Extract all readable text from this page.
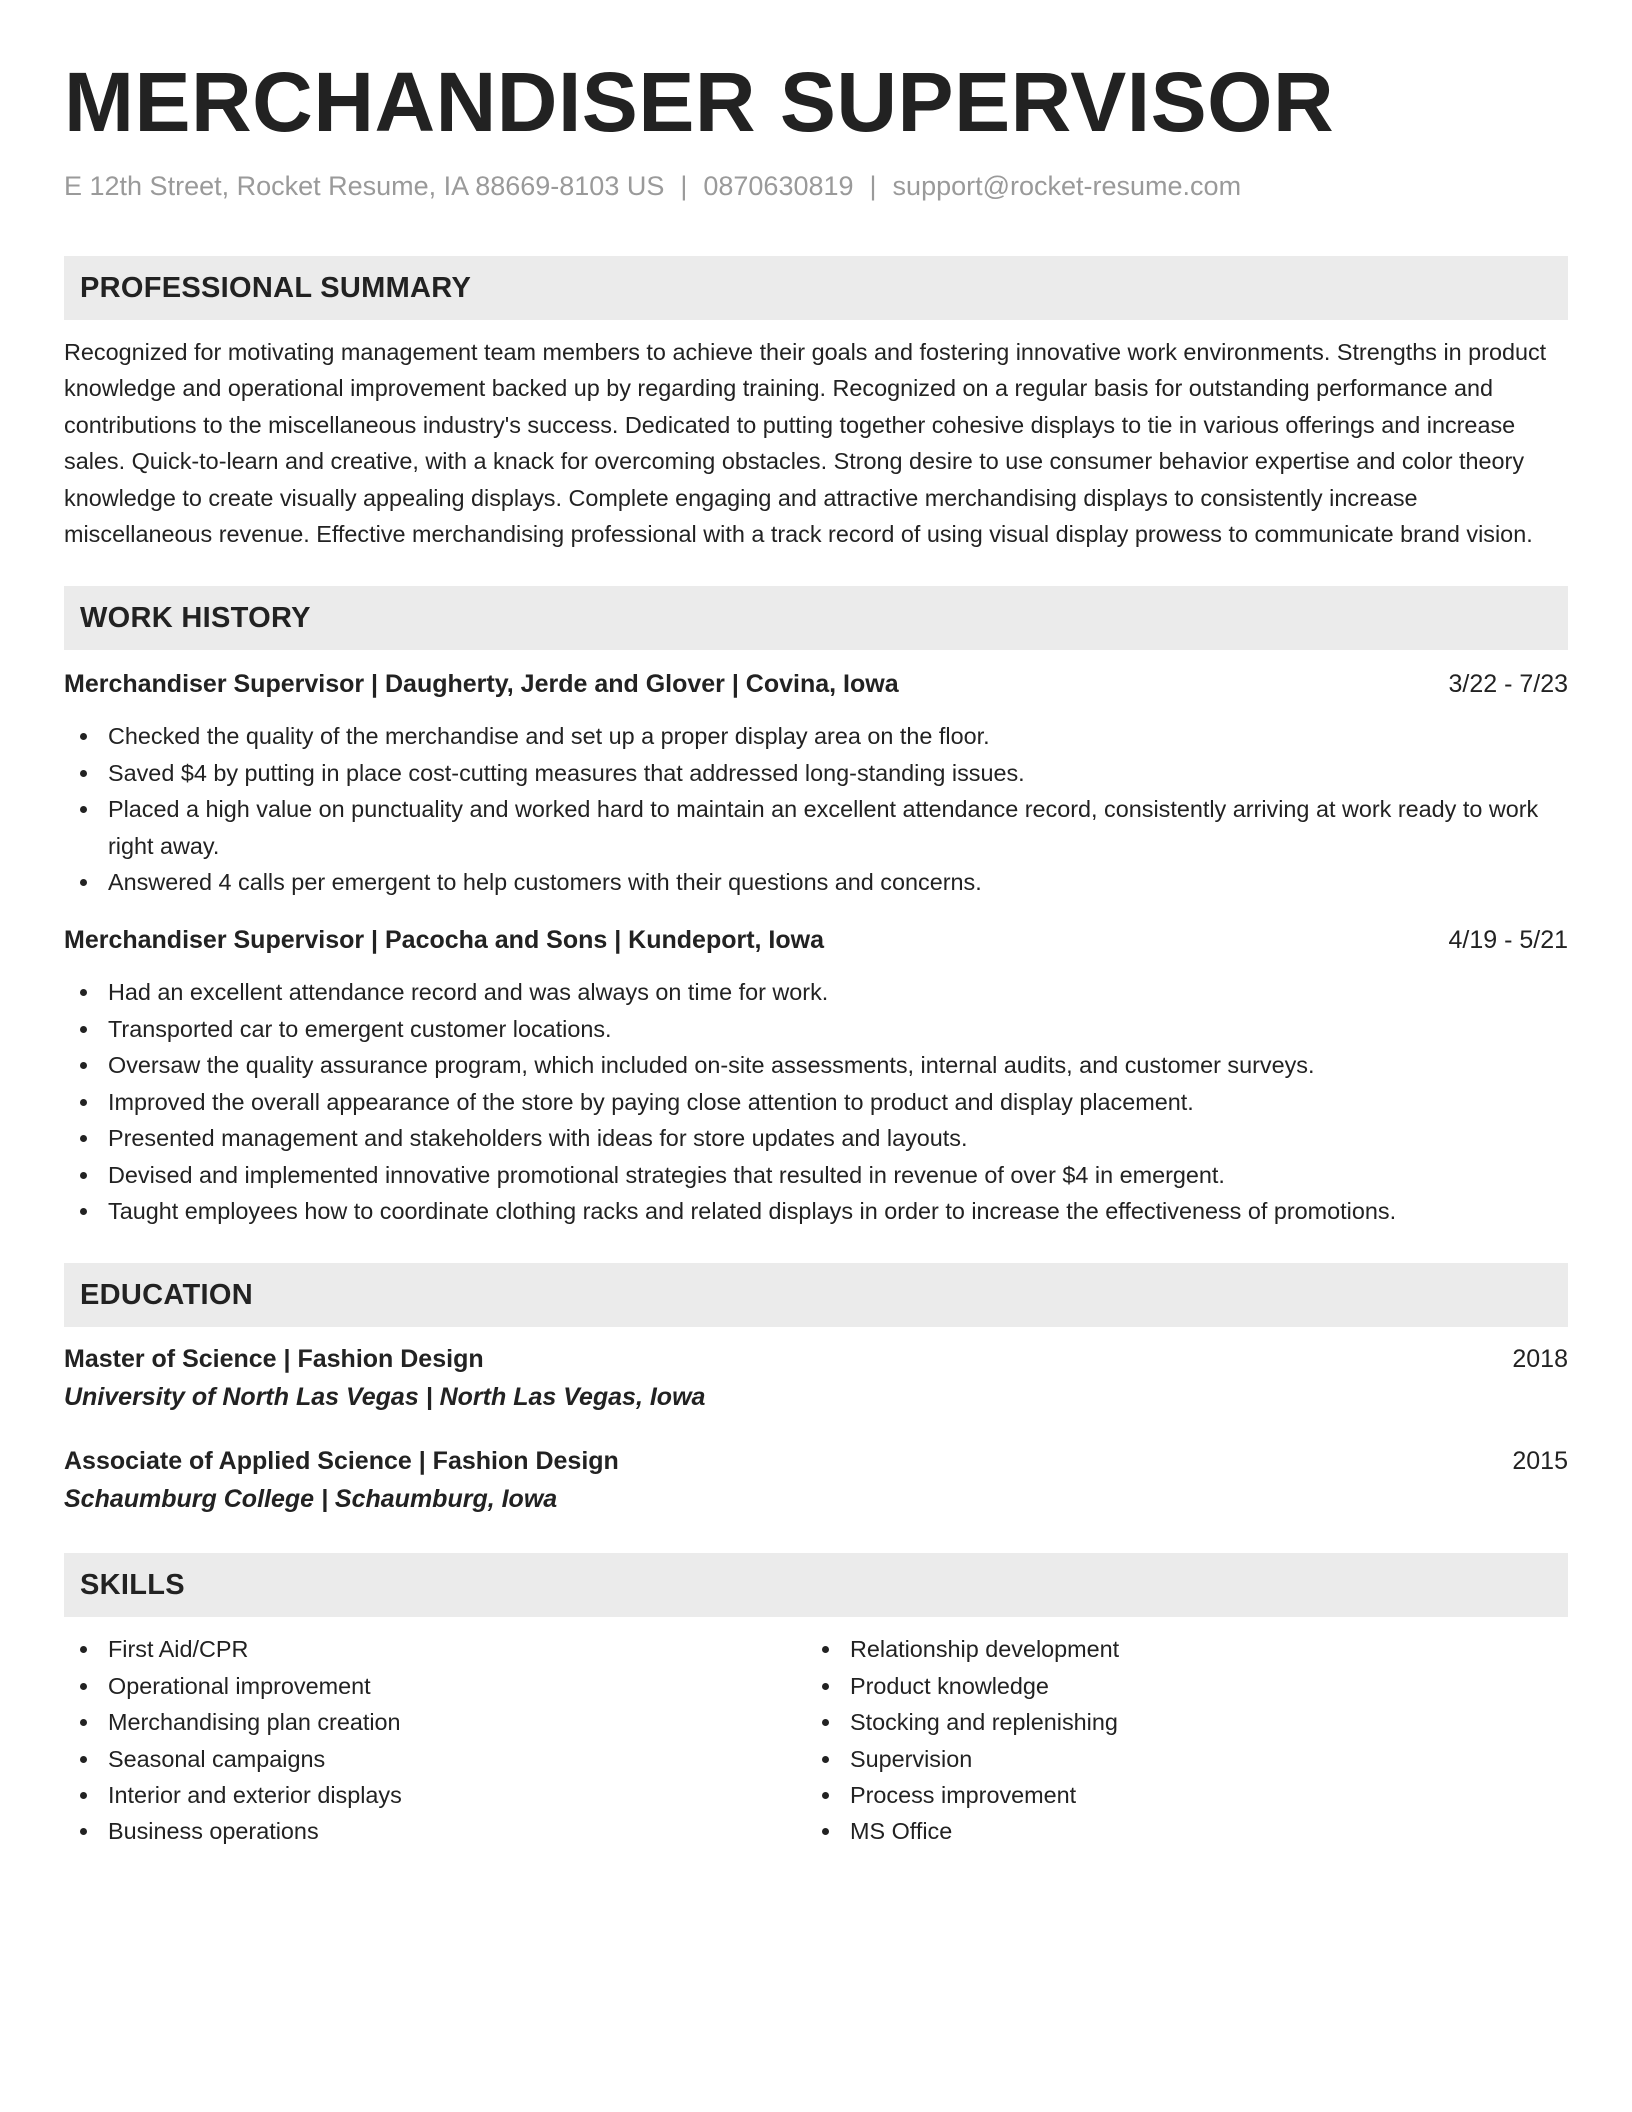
MERCHANDISER SUPERVISOR
E 12th Street, Rocket Resume, IA 88669-8103 US | 0870630819 | support@rocket-resume.com
PROFESSIONAL SUMMARY
Recognized for motivating management team members to achieve their goals and fostering innovative work environments. Strengths in product knowledge and operational improvement backed up by regarding training. Recognized on a regular basis for outstanding performance and contributions to the miscellaneous industry's success. Dedicated to putting together cohesive displays to tie in various offerings and increase sales. Quick-to-learn and creative, with a knack for overcoming obstacles. Strong desire to use consumer behavior expertise and color theory knowledge to create visually appealing displays. Complete engaging and attractive merchandising displays to consistently increase miscellaneous revenue. Effective merchandising professional with a track record of using visual display prowess to communicate brand vision.
WORK HISTORY
Merchandiser Supervisor | Daugherty, Jerde and Glover | Covina, Iowa	3/22 - 7/23
Checked the quality of the merchandise and set up a proper display area on the floor.
Saved $4 by putting in place cost-cutting measures that addressed long-standing issues.
Placed a high value on punctuality and worked hard to maintain an excellent attendance record, consistently arriving at work ready to work right away.
Answered 4 calls per emergent to help customers with their questions and concerns.
Merchandiser Supervisor | Pacocha and Sons | Kundeport, Iowa	4/19 - 5/21
Had an excellent attendance record and was always on time for work.
Transported car to emergent customer locations.
Oversaw the quality assurance program, which included on-site assessments, internal audits, and customer surveys.
Improved the overall appearance of the store by paying close attention to product and display placement.
Presented management and stakeholders with ideas for store updates and layouts.
Devised and implemented innovative promotional strategies that resulted in revenue of over $4 in emergent.
Taught employees how to coordinate clothing racks and related displays in order to increase the effectiveness of promotions.
EDUCATION
Master of Science | Fashion Design	2018
University of North Las Vegas | North Las Vegas, Iowa
Associate of Applied Science | Fashion Design	2015
Schaumburg College | Schaumburg, Iowa
SKILLS
First Aid/CPR
Operational improvement
Merchandising plan creation
Seasonal campaigns
Interior and exterior displays
Business operations
Relationship development
Product knowledge
Stocking and replenishing
Supervision
Process improvement
MS Office
